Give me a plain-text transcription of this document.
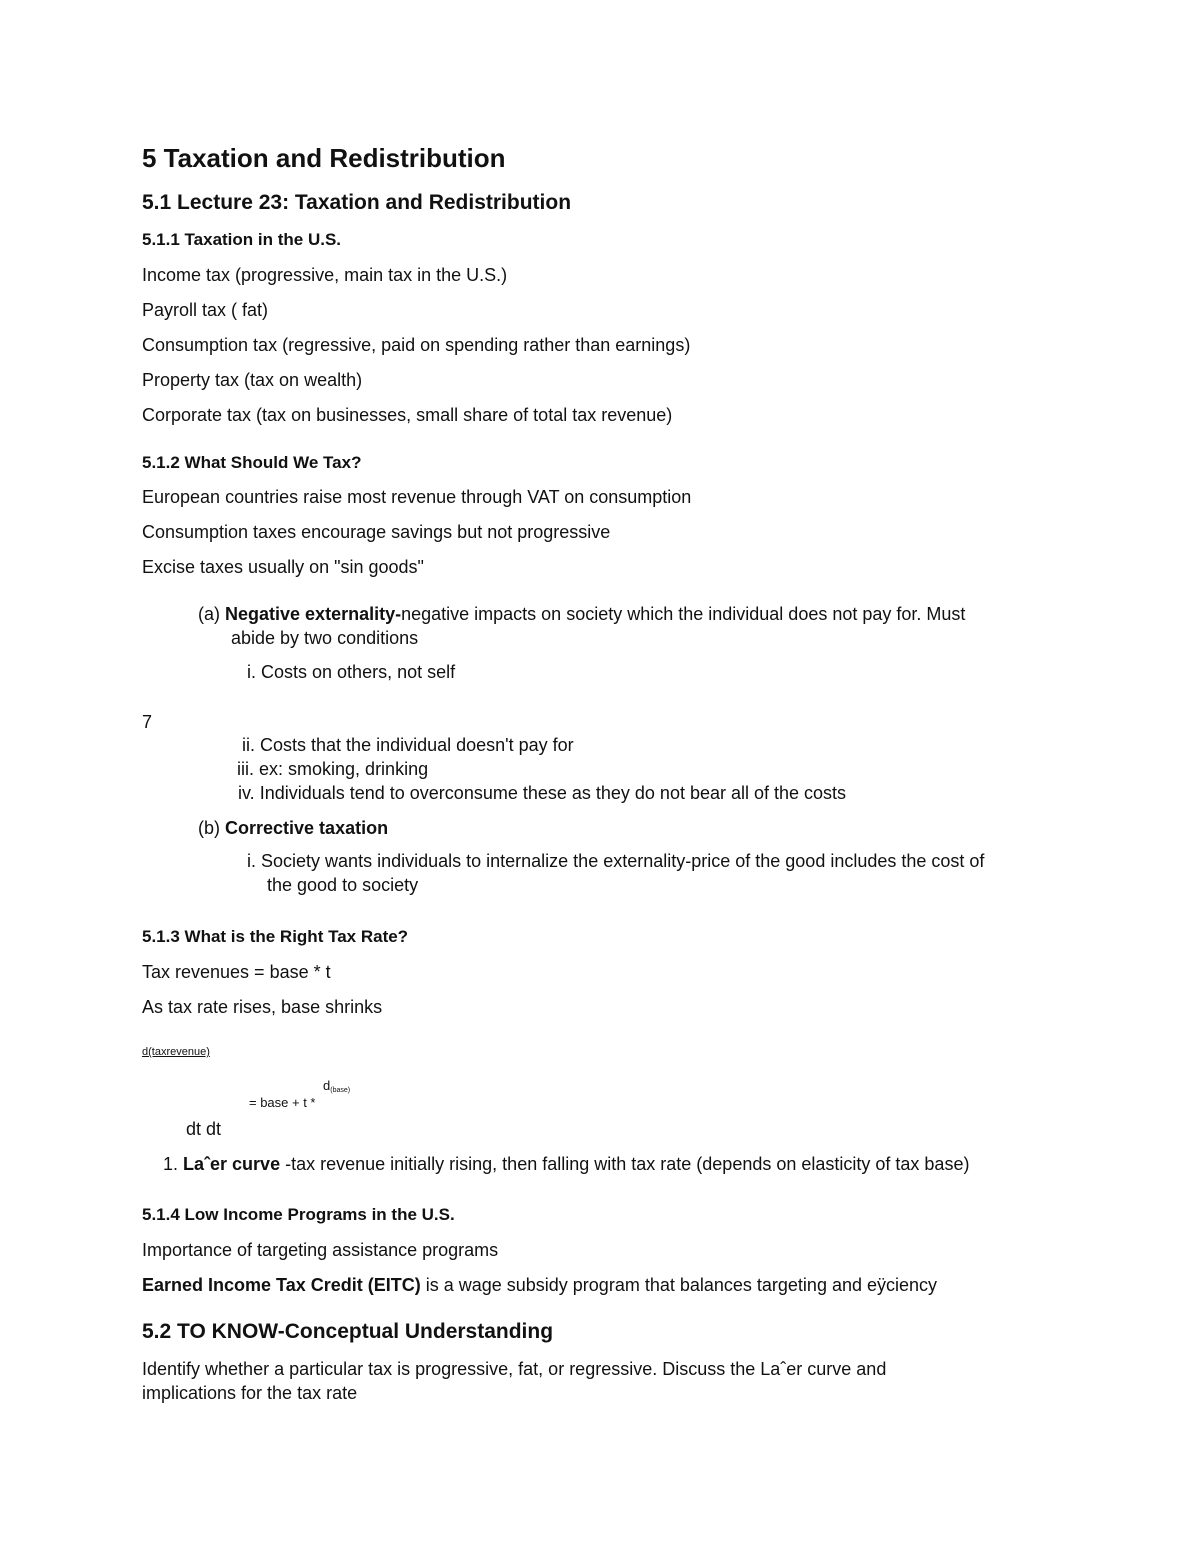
5 Taxation and Redistribution
5.1 Lecture 23: Taxation and Redistribution
5.1.1 Taxation in the U.S.
Income tax (progressive, main tax in the U.S.)
Payroll tax ( fat)
Consumption tax (regressive, paid on spending rather than earnings)
Property tax (tax on wealth)
Corporate tax (tax on businesses, small share of total tax revenue)
5.1.2 What Should We Tax?
European countries raise most revenue through VAT on consumption
Consumption taxes encourage savings but not progressive
Excise taxes usually on "sin goods"
(a) Negative externality-negative impacts on society which the individual does not pay for. Must
abide by two conditions
i. Costs on others, not self
7
ii. Costs that the individual doesn't pay for
iii. ex: smoking, drinking
iv. Individuals tend to overconsume these as they do not bear all of the costs
(b) Corrective taxation
i. Society wants individuals to internalize the externality-price of the good includes the cost of
the good to society
5.1.3 What is the Right Tax Rate?
Tax revenues = base * t
As tax rate rises, base shrinks
d(taxrevenue)
$d_{(base)}$
= base + t *
dt dt
1. Laˆer curve -tax revenue initially rising, then falling with tax rate (depends on elasticity of tax base)
5.1.4 Low Income Programs in the U.S.
Importance of targeting assistance programs
Earned Income Tax Credit (EITC) is a wage subsidy program that balances targeting and eÿciency
5.2 TO KNOW-Conceptual Understanding
Identify whether a particular tax is progressive, fat, or regressive. Discuss the Laˆer curve and
implications for the tax rate
